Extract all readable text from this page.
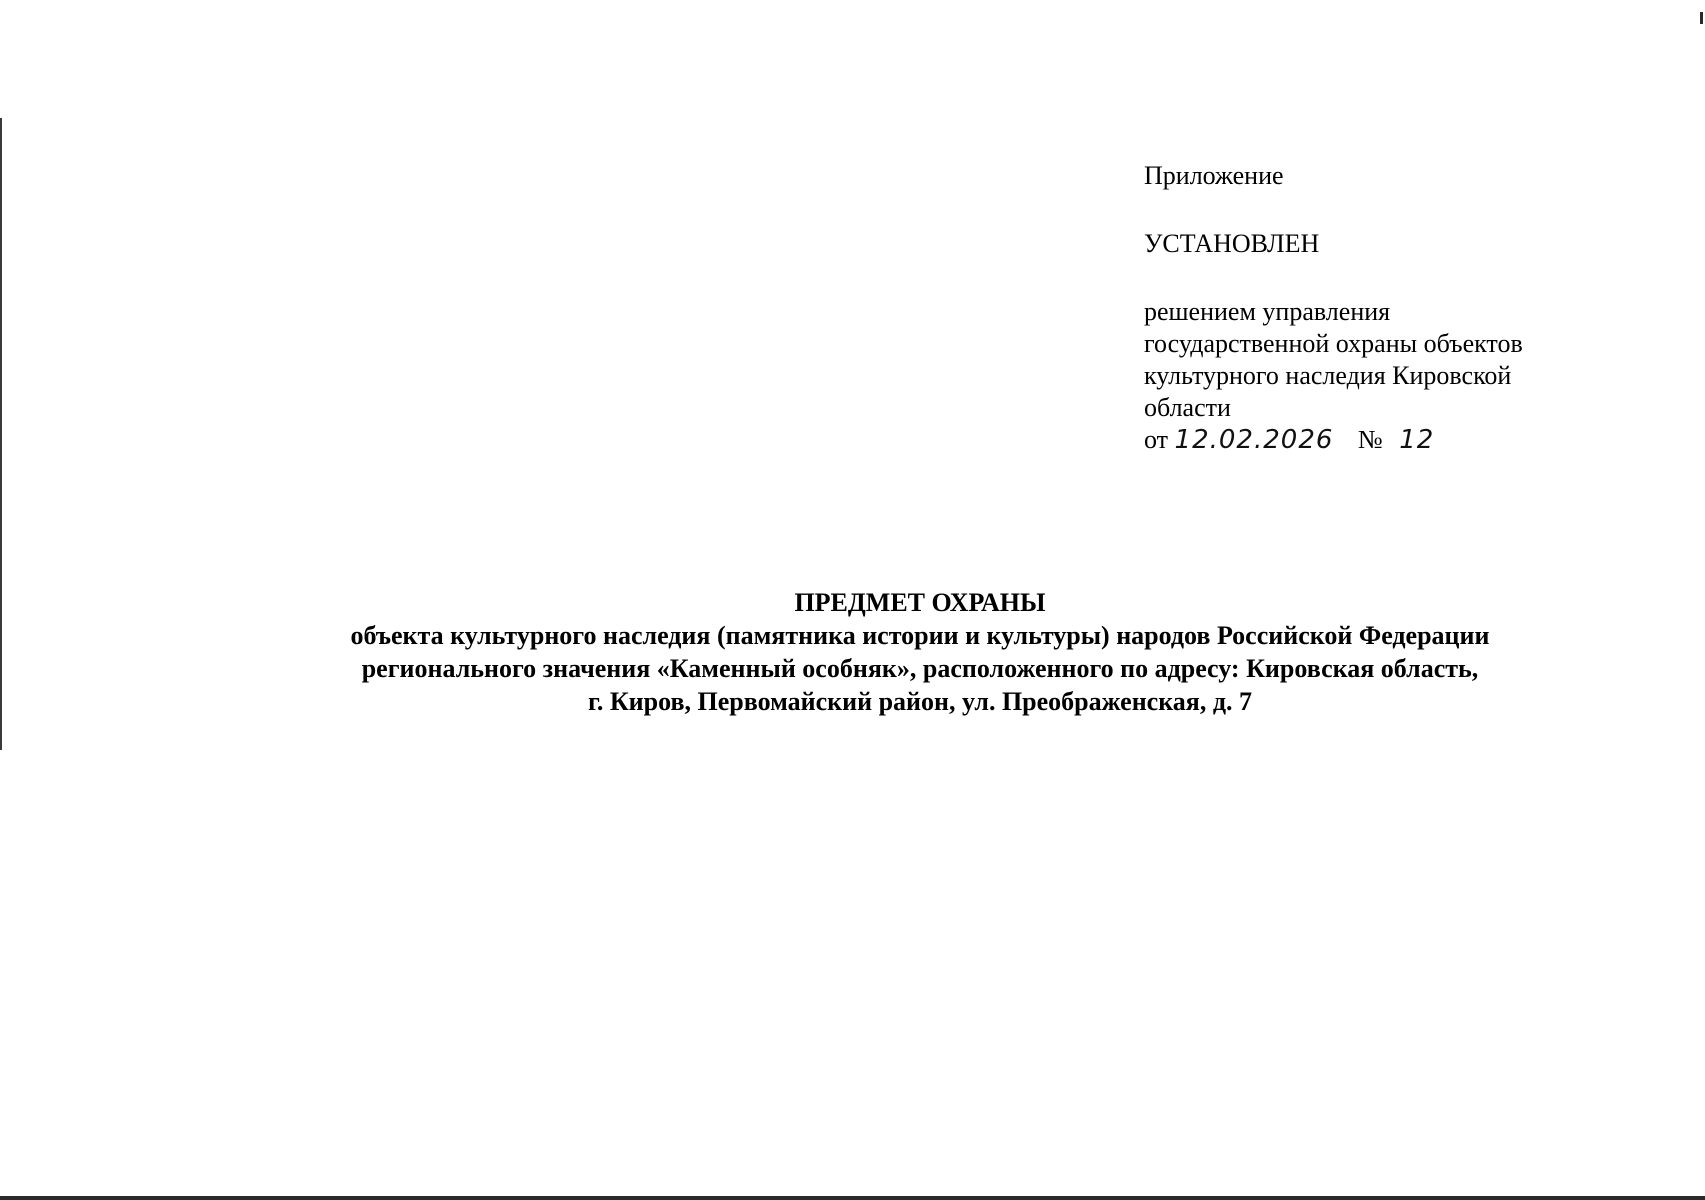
Приложение
УСТАНОВЛЕН
решением управления
государственной охраны объектов
культурного наследия Кировской
области
от 12.02.2026 № 12
ПРЕДМЕТ ОХРАНЫ
объекта культурного наследия (памятника истории и культуры) народов Российской Федерации
регионального значения «Каменный особняк», расположенного по адресу: Кировская область,
г. Киров, Первомайский район, ул. Преображенская, д. 7
